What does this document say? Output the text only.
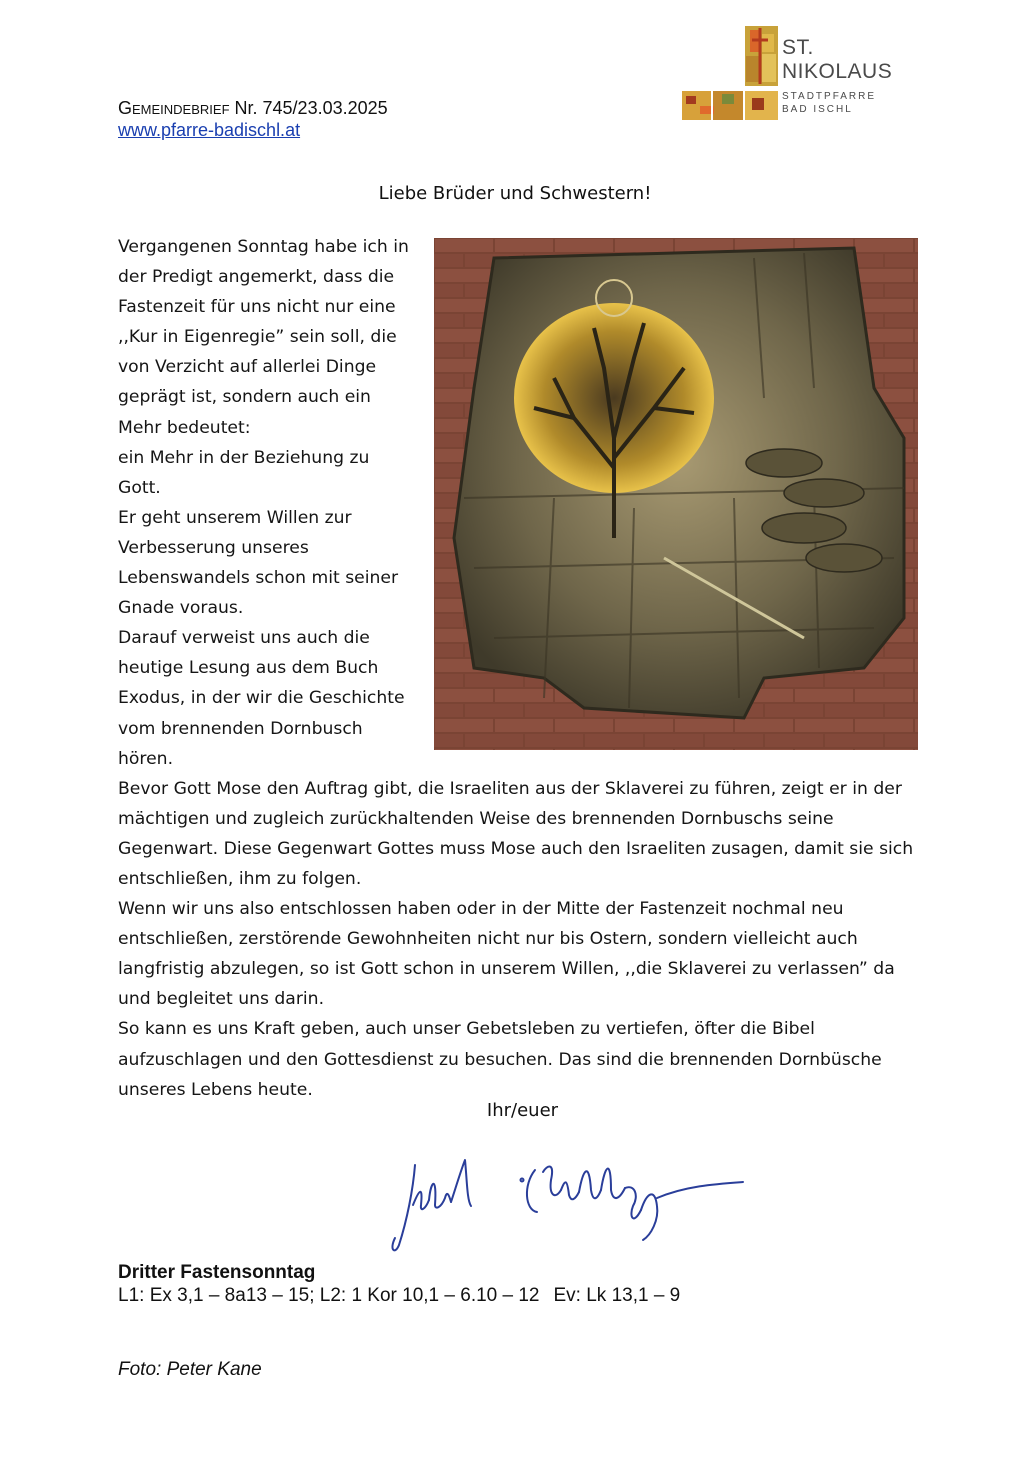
Gemeindebrief Nr. 745/23.03.2025
www.pfarre-badischl.at
ST.
NIKOLAUS
STADTPFARRE
BAD ISCHL
Liebe Brüder und Schwestern!

Vergangenen Sonntag habe ich in der Predigt angemerkt, dass die Fastenzeit für uns nicht nur eine ,,Kur in Eigenregie” sein soll, die von Verzicht auf allerlei Dinge geprägt ist, sondern auch ein Mehr bedeutet:

ein Mehr in der Beziehung zu Gott.

Er geht unserem Willen zur Verbesserung unseres Lebenswandels schon mit seiner Gnade voraus.

Darauf verweist uns auch die heutige Lesung aus dem Buch Exodus, in der wir die Geschichte vom brennenden Dornbusch hören.

Bevor Gott Mose den Auftrag gibt, die Israeliten aus der Sklaverei zu führen, zeigt er in der mächtigen und zugleich zurückhaltenden Weise des brennenden Dornbuschs seine Gegenwart. Diese Gegenwart Gottes muss Mose auch den Israeliten zusagen, damit sie sich entschließen, ihm zu folgen.

Wenn wir uns also entschlossen haben oder in der Mitte der Fastenzeit nochmal neu entschließen, zerstörende Gewohnheiten nicht nur bis Ostern, sondern vielleicht auch langfristig abzulegen, so ist Gott schon in unserem Willen, ,,die Sklaverei zu verlassen” da und begleitet uns darin.

So kann es uns Kraft geben, auch unser Gebetsleben zu vertiefen, öfter die Bibel aufzuschlagen und den Gottesdienst zu besuchen. Das sind die brennenden Dornbüsche unseres Lebens heute.

Ihr/euer
Dritter Fastensonntag
L1: Ex 3,1 – 8a13 – 15; L2: 1 Kor 10,1 – 6.10 – 12 Ev: Lk 13,1 – 9
Foto: Peter Kane
